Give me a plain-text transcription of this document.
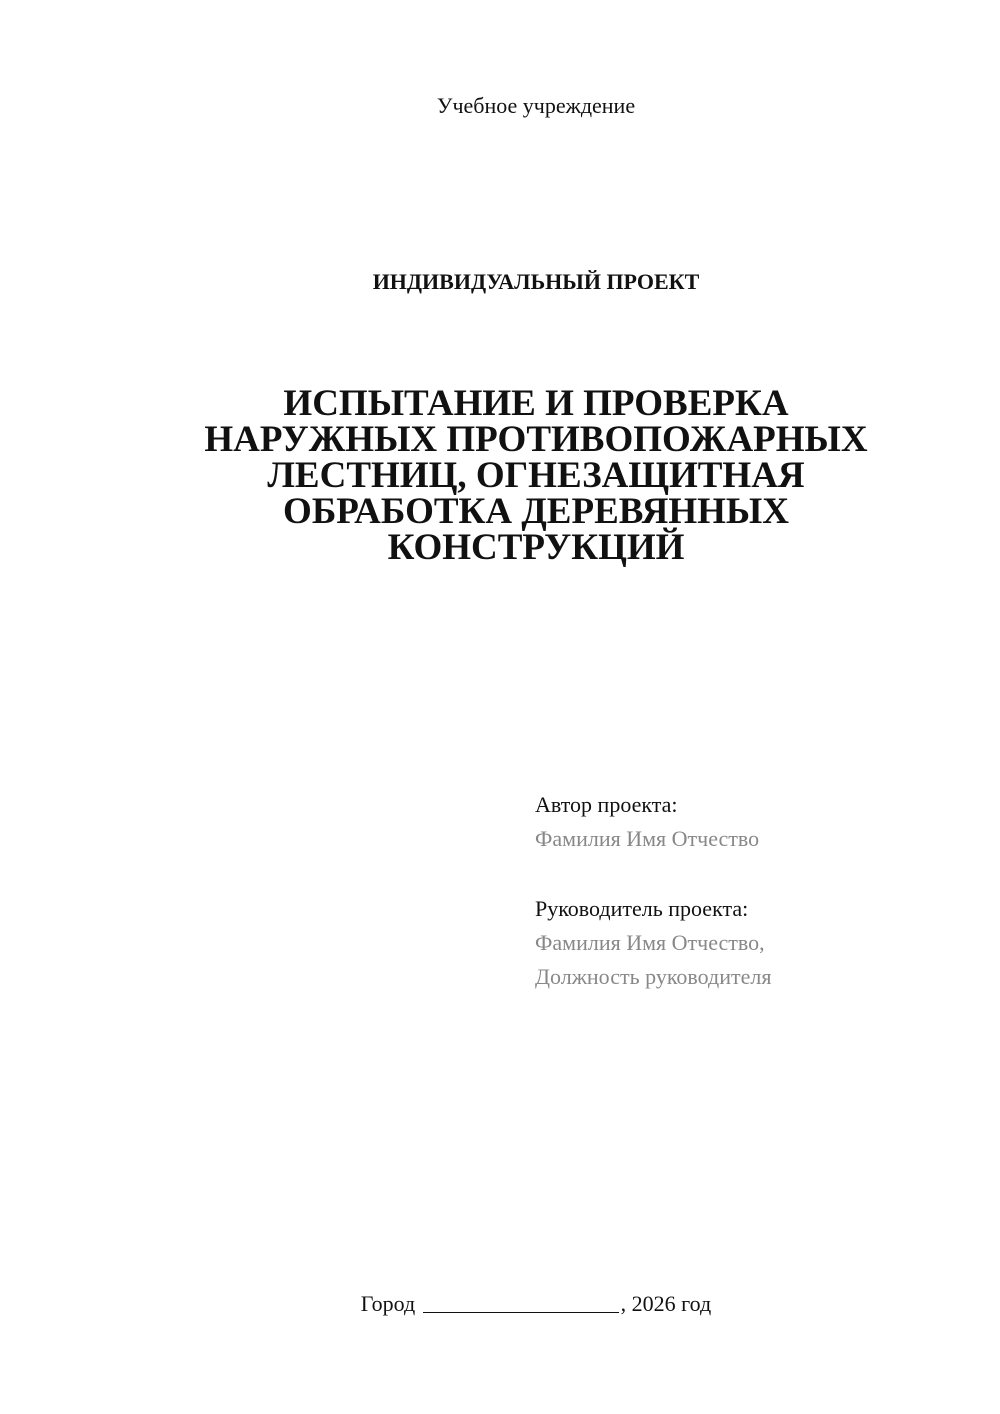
Учебное учреждение
ИНДИВИДУАЛЬНЫЙ ПРОЕКТ
ИСПЫТАНИЕ И ПРОВЕРКА
НАРУЖНЫХ ПРОТИВОПОЖАРНЫХ
ЛЕСТНИЦ, ОГНЕЗАЩИТНАЯ
ОБРАБОТКА ДЕРЕВЯННЫХ
КОНСТРУКЦИЙ
Автор проекта:
Фамилия Имя Отчество
Руководитель проекта:
Фамилия Имя Отчество,
Должность руководителя
Город	, 2026 год
